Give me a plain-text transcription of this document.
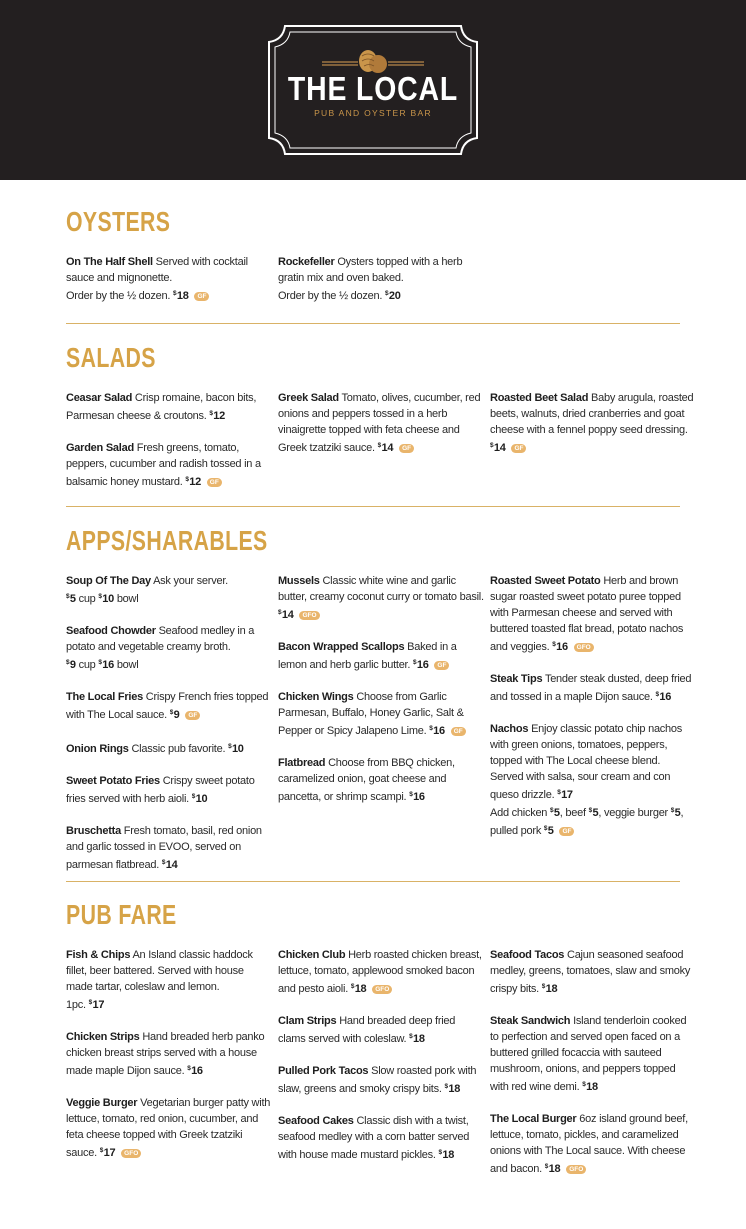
THE LOCAL
PUB AND OYSTER BAR
OYSTERS
On The Half Shell Served with cocktail sauce and mignonette.
Order by the ½ dozen. $18 GF
Rockefeller Oysters topped with a herb gratin mix and oven baked.
Order by the ½ dozen. $20
SALADS
Ceasar Salad Crisp romaine, bacon bits, Parmesan cheese & croutons. $12
Garden Salad Fresh greens, tomato, peppers, cucumber and radish tossed in a balsamic honey mustard. $12 GF
Greek Salad Tomato, olives, cucumber, red onions and peppers tossed in a herb vinaigrette topped with feta cheese and Greek tzatziki sauce. $14 GF
Roasted Beet Salad Baby arugula, roasted beets, walnuts, dried cranberries and goat cheese with a fennel poppy seed dressing. $14 GF
APPS/SHARABLES
Soup Of The Day Ask your server.
$5 cup $10 bowl
Seafood Chowder Seafood medley in a potato and vegetable creamy broth.
$9 cup $16 bowl
The Local Fries Crispy French fries topped with The Local sauce. $9 GF
Onion Rings Classic pub favorite. $10
Sweet Potato Fries Crispy sweet potato fries served with herb aioli. $10
Bruschetta Fresh tomato, basil, red onion and garlic tossed in EVOO, served on parmesan flatbread. $14
Mussels Classic white wine and garlic butter, creamy coconut curry or tomato basil. $14 GFO
Bacon Wrapped Scallops Baked in a lemon and herb garlic butter. $16 GF
Chicken Wings Choose from Garlic Parmesan, Buffalo, Honey Garlic, Salt & Pepper or Spicy Jalapeno Lime. $16 GF
Flatbread Choose from BBQ chicken, caramelized onion, goat cheese and pancetta, or shrimp scampi. $16
Roasted Sweet Potato Herb and brown sugar roasted sweet potato puree topped with Parmesan cheese and served with buttered toasted flat bread, potato nachos and veggies. $16 GFO
Steak Tips Tender steak dusted, deep fried and tossed in a maple Dijon sauce. $16
Nachos Enjoy classic potato chip nachos with green onions, tomatoes, peppers, topped with The Local cheese blend. Served with salsa, sour cream and con queso drizzle. $17
Add chicken $5, beef $5, veggie burger $5, pulled pork $5 GF
PUB FARE
Fish & Chips An Island classic haddock fillet, beer battered. Served with house made tartar, coleslaw and lemon.
1pc. $17
Chicken Strips Hand breaded herb panko chicken breast strips served with a house made maple Dijon sauce. $16
Veggie Burger Vegetarian burger patty with lettuce, tomato, red onion, cucumber, and feta cheese topped with Greek tzatziki sauce. $17 GFO
Chicken Club Herb roasted chicken breast, lettuce, tomato, applewood smoked bacon and pesto aioli. $18 GFO
Clam Strips Hand breaded deep fried clams served with coleslaw. $18
Pulled Pork Tacos Slow roasted pork with slaw, greens and smoky crispy bits. $18
Seafood Cakes Classic dish with a twist, seafood medley with a corn batter served with house made mustard pickles. $18
Seafood Tacos Cajun seasoned seafood medley, greens, tomatoes, slaw and smoky crispy bits. $18
Steak Sandwich Island tenderloin cooked to perfection and served open faced on a buttered grilled focaccia with sauteed mushroom, onions, and peppers topped with red wine demi. $18
The Local Burger 6oz island ground beef, lettuce, tomato, pickles, and caramelized onions with The Local sauce. With cheese and bacon. $18 GFO
